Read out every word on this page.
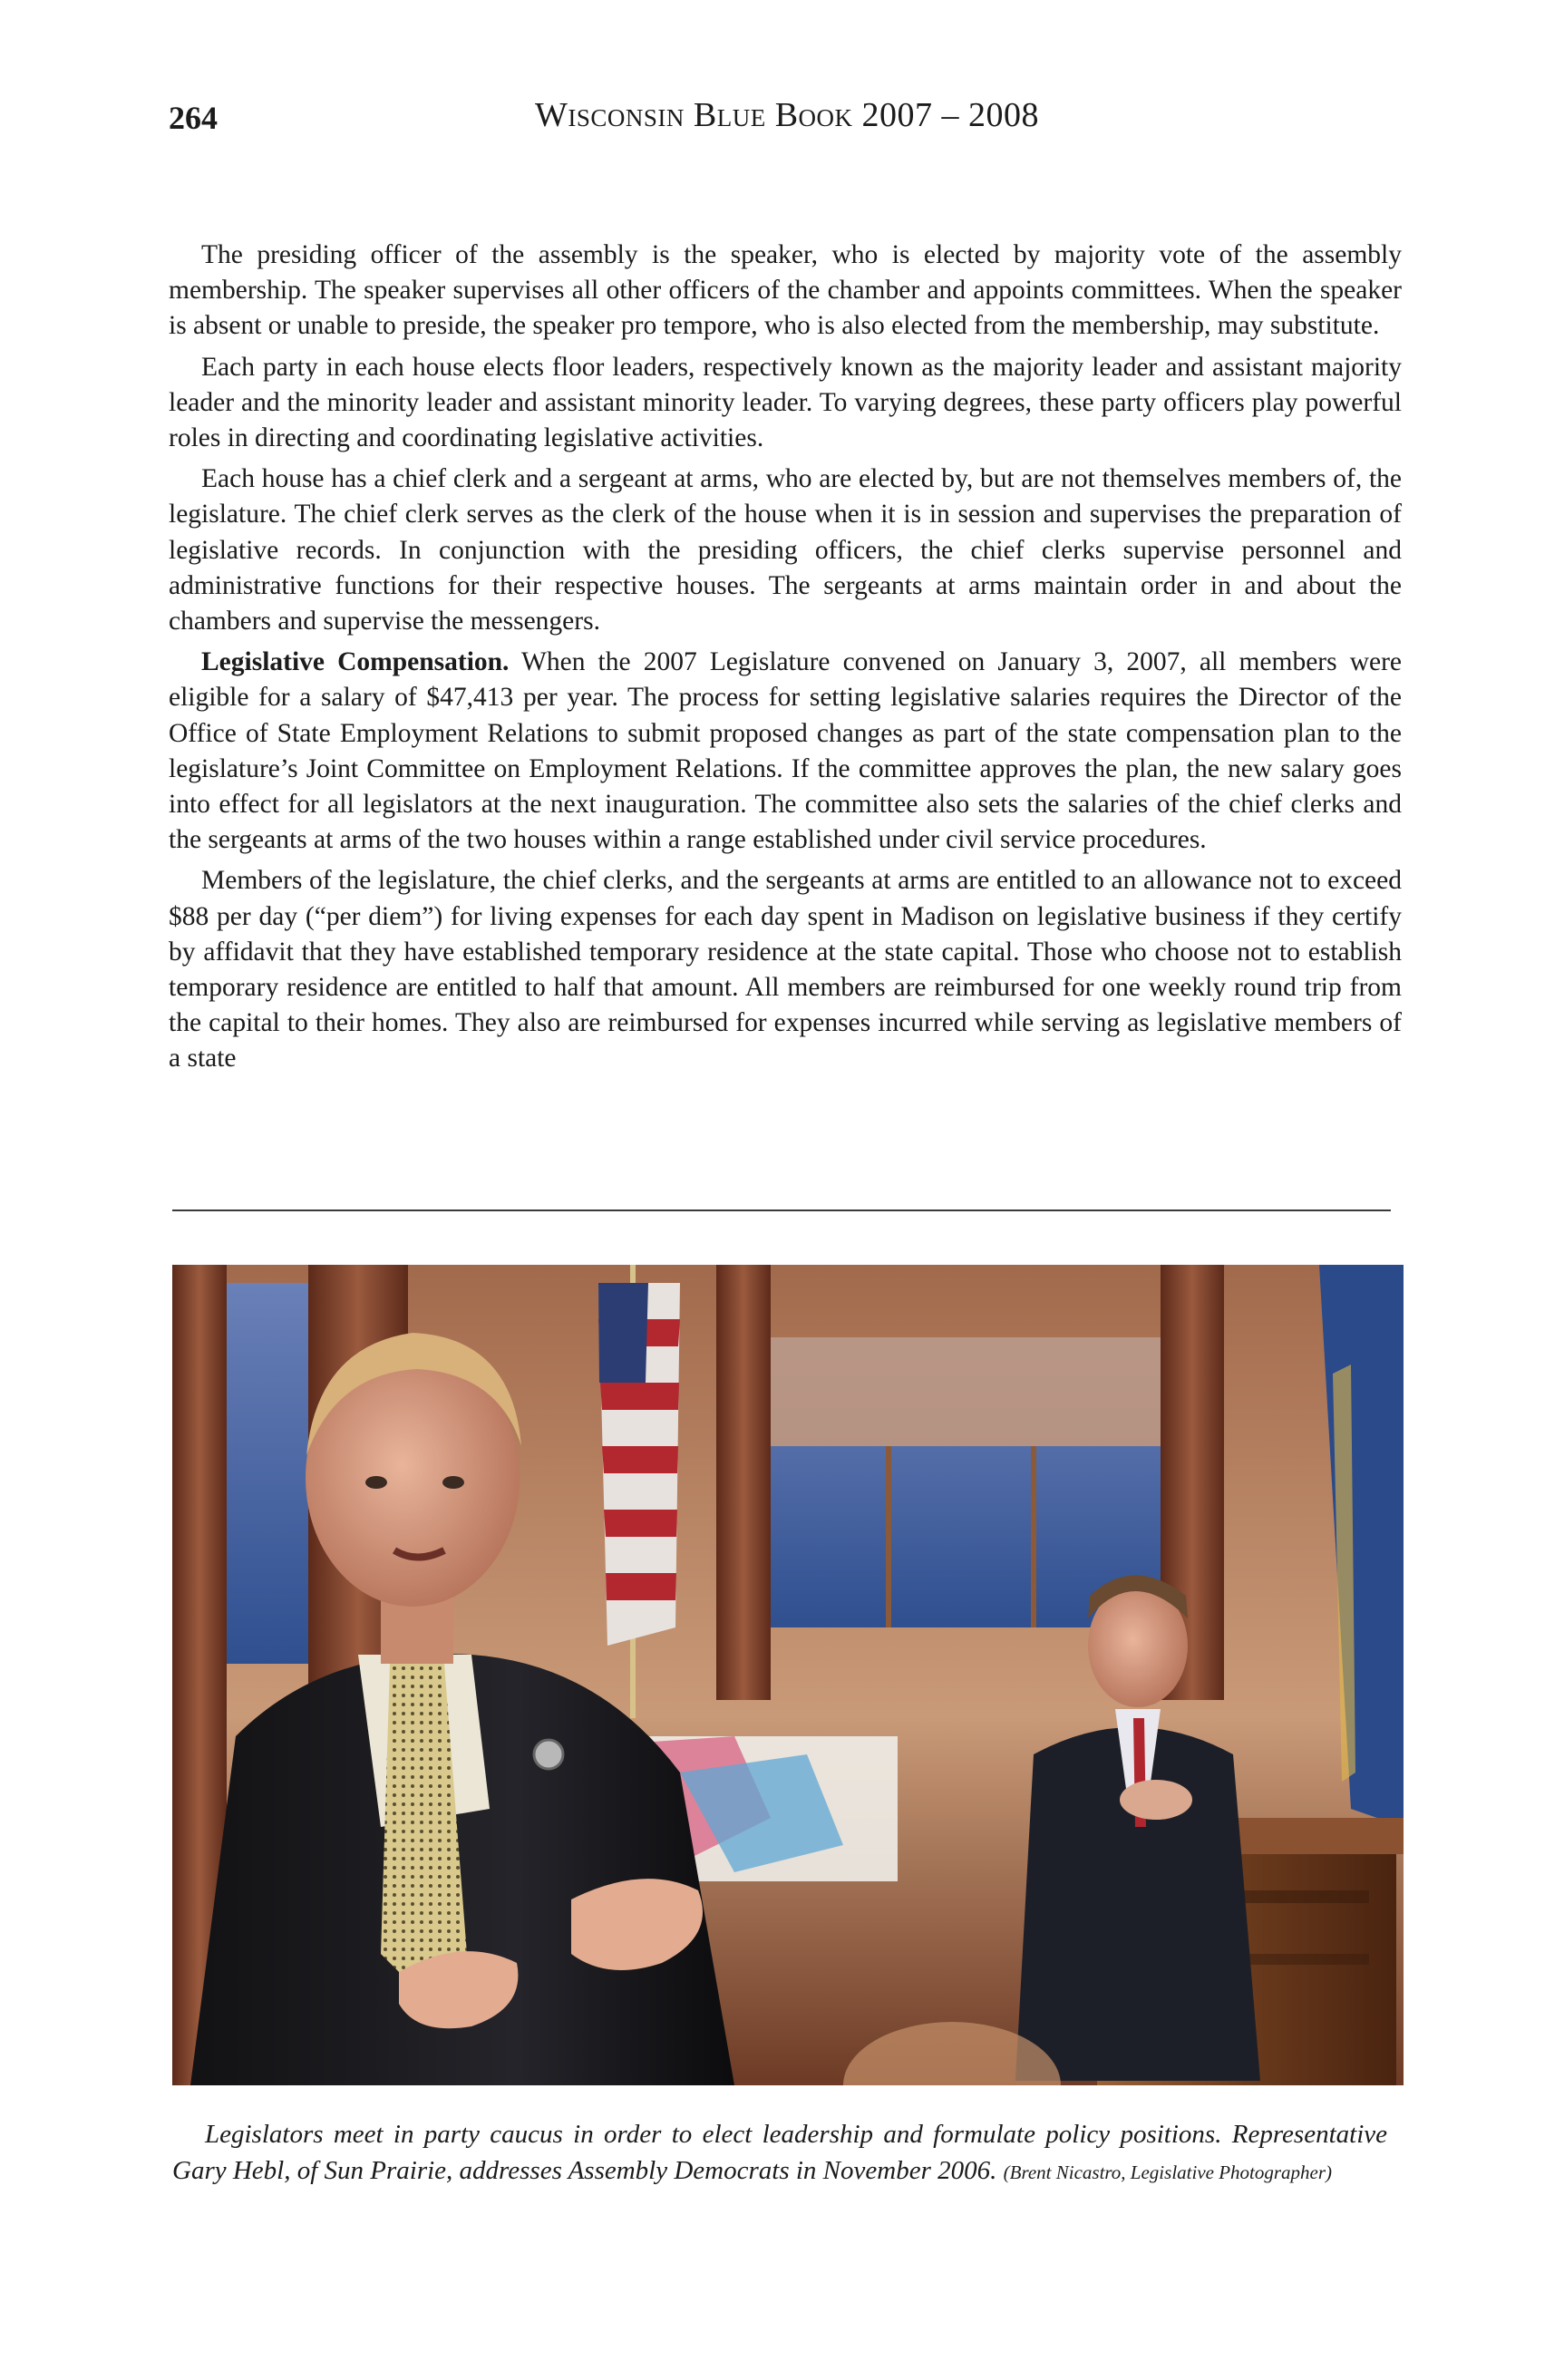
264	Wisconsin Blue Book 2007 – 2008

The presiding officer of the assembly is the speaker, who is elected by majority vote of the assembly membership. The speaker supervises all other officers of the chamber and appoints committees. When the speaker is absent or unable to preside, the speaker pro tempore, who is also elected from the membership, may substitute.

Each party in each house elects floor leaders, respectively known as the majority leader and assistant majority leader and the minority leader and assistant minority leader. To varying degrees, these party officers play powerful roles in directing and coordinating legislative activities.

Each house has a chief clerk and a sergeant at arms, who are elected by, but are not themselves members of, the legislature. The chief clerk serves as the clerk of the house when it is in session and supervises the preparation of legislative records. In conjunction with the presiding officers, the chief clerks supervise personnel and administrative functions for their respective houses. The sergeants at arms maintain order in and about the chambers and supervise the messengers.

Legislative Compensation. When the 2007 Legislature convened on January 3, 2007, all members were eligible for a salary of $47,413 per year. The process for setting legislative salaries requires the Director of the Office of State Employment Relations to submit proposed changes as part of the state compensation plan to the legislature’s Joint Committee on Employment Relations. If the committee approves the plan, the new salary goes into effect for all legislators at the next inauguration. The committee also sets the salaries of the chief clerks and the sergeants at arms of the two houses within a range established under civil service procedures.

Members of the legislature, the chief clerks, and the sergeants at arms are entitled to an allowance not to exceed $88 per day (“per diem”) for living expenses for each day spent in Madison on legislative business if they certify by affidavit that they have established temporary residence at the state capital. Those who choose not to establish temporary residence are entitled to half that amount. All members are reimbursed for one weekly round trip from the capital to their homes. They also are reimbursed for expenses incurred while serving as legislative members of a state

Legislators meet in party caucus in order to elect leadership and formulate policy positions. Representative Gary Hebl, of Sun Prairie, addresses Assembly Democrats in November 2006. (Brent Nicastro, Legislative Photographer)
